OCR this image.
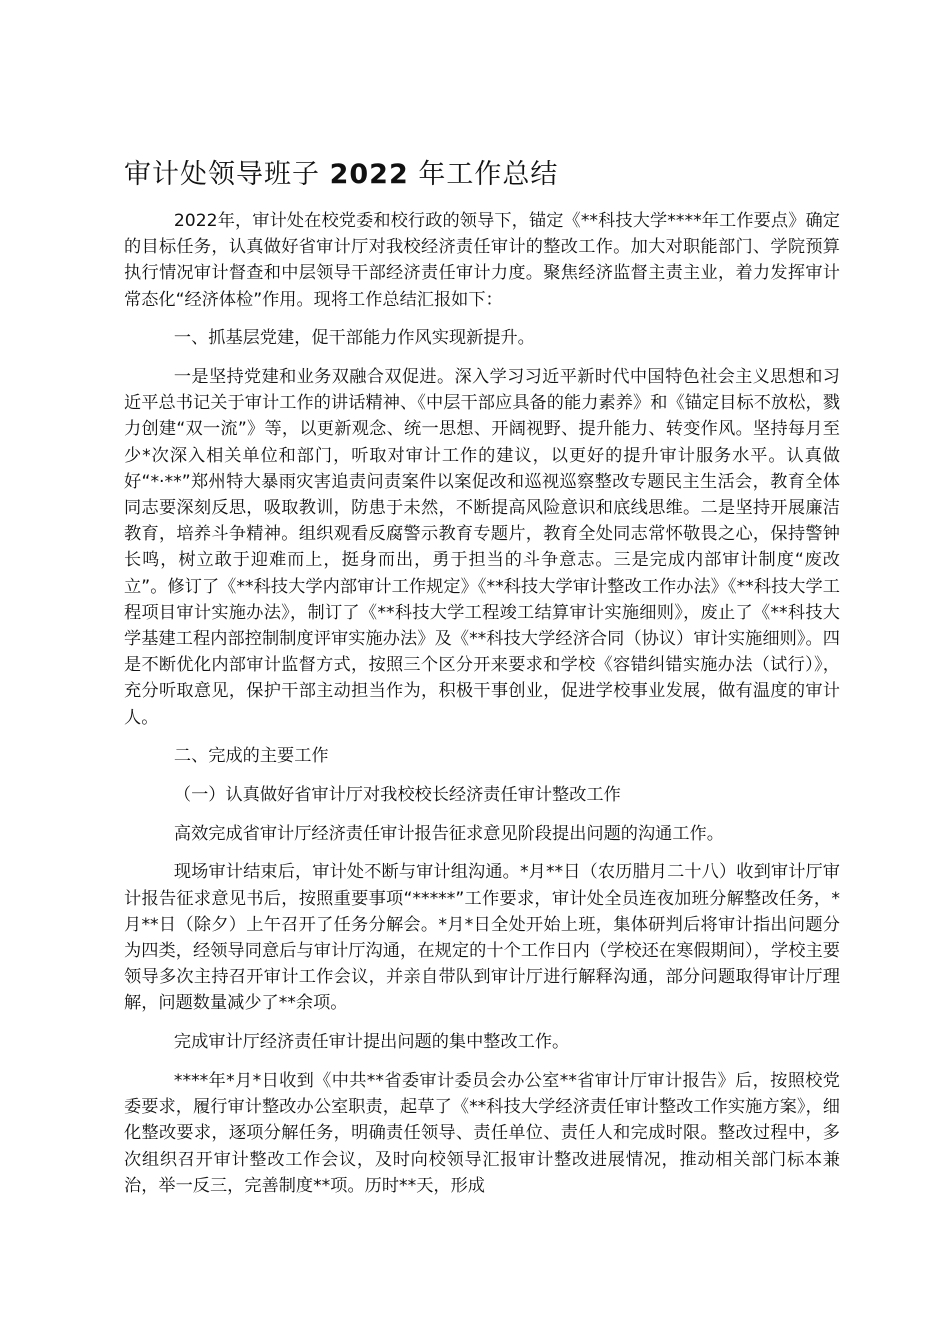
审计处领导班子 2022 年工作总结

2022年，审计处在校党委和校行政的领导下，锚定《**科技大学****年工作要点》确定的目标任务，认真做好省审计厅对我校经济责任审计的整改工作。加大对职能部门、学院预算执行情况审计督查和中层领导干部经济责任审计力度。聚焦经济监督主责主业，着力发挥审计常态化“经济体检”作用。现将工作总结汇报如下：

一、抓基层党建，促干部能力作风实现新提升。

一是坚持党建和业务双融合双促进。深入学习习近平新时代中国特色社会主义思想和习近平总书记关于审计工作的讲话精神、《中层干部应具备的能力素养》和《锚定目标不放松，戮力创建“双一流”》等，以更新观念、统一思想、开阔视野、提升能力、转变作风。坚持每月至少*次深入相关单位和部门，听取对审计工作的建议，以更好的提升审计服务水平。认真做好“*·**”郑州特大暴雨灾害追责问责案件以案促改和巡视巡察整改专题民主生活会，教育全体同志要深刻反思，吸取教训，防患于未然，不断提高风险意识和底线思维。二是坚持开展廉洁教育，培养斗争精神。组织观看反腐警示教育专题片，教育全处同志常怀敬畏之心，保持警钟长鸣，树立敢于迎难而上，挺身而出，勇于担当的斗争意志。三是完成内部审计制度“废改立”。修订了《**科技大学内部审计工作规定》《**科技大学审计整改工作办法》《**科技大学工程项目审计实施办法》，制订了《**科技大学工程竣工结算审计实施细则》，废止了《**科技大学基建工程内部控制制度评审实施办法》及《**科技大学经济合同（协议）审计实施细则》。四是不断优化内部审计监督方式，按照三个区分开来要求和学校《容错纠错实施办法（试行）》，充分听取意见，保护干部主动担当作为，积极干事创业，促进学校事业发展，做有温度的审计人。

二、完成的主要工作

（一）认真做好省审计厅对我校校长经济责任审计整改工作

高效完成省审计厅经济责任审计报告征求意见阶段提出问题的沟通工作。

现场审计结束后，审计处不断与审计组沟通。*月**日（农历腊月二十八）收到审计厅审计报告征求意见书后，按照重要事项“*****”工作要求，审计处全员连夜加班分解整改任务，*月**日（除夕）上午召开了任务分解会。*月*日全处开始上班，集体研判后将审计指出问题分为四类，经领导同意后与审计厅沟通，在规定的十个工作日内（学校还在寒假期间），学校主要领导多次主持召开审计工作会议，并亲自带队到审计厅进行解释沟通，部分问题取得审计厅理解，问题数量减少了**余项。

完成审计厅经济责任审计提出问题的集中整改工作。

****年*月*日收到《中共**省委审计委员会办公室**省审计厅审计报告》后，按照校党委要求，履行审计整改办公室职责，起草了《**科技大学经济责任审计整改工作实施方案》，细化整改要求，逐项分解任务，明确责任领导、责任单位、责任人和完成时限。整改过程中，多次组织召开审计整改工作会议，及时向校领导汇报审计整改进展情况，推动相关部门标本兼治，举一反三，完善制度**项。历时**天，形成
